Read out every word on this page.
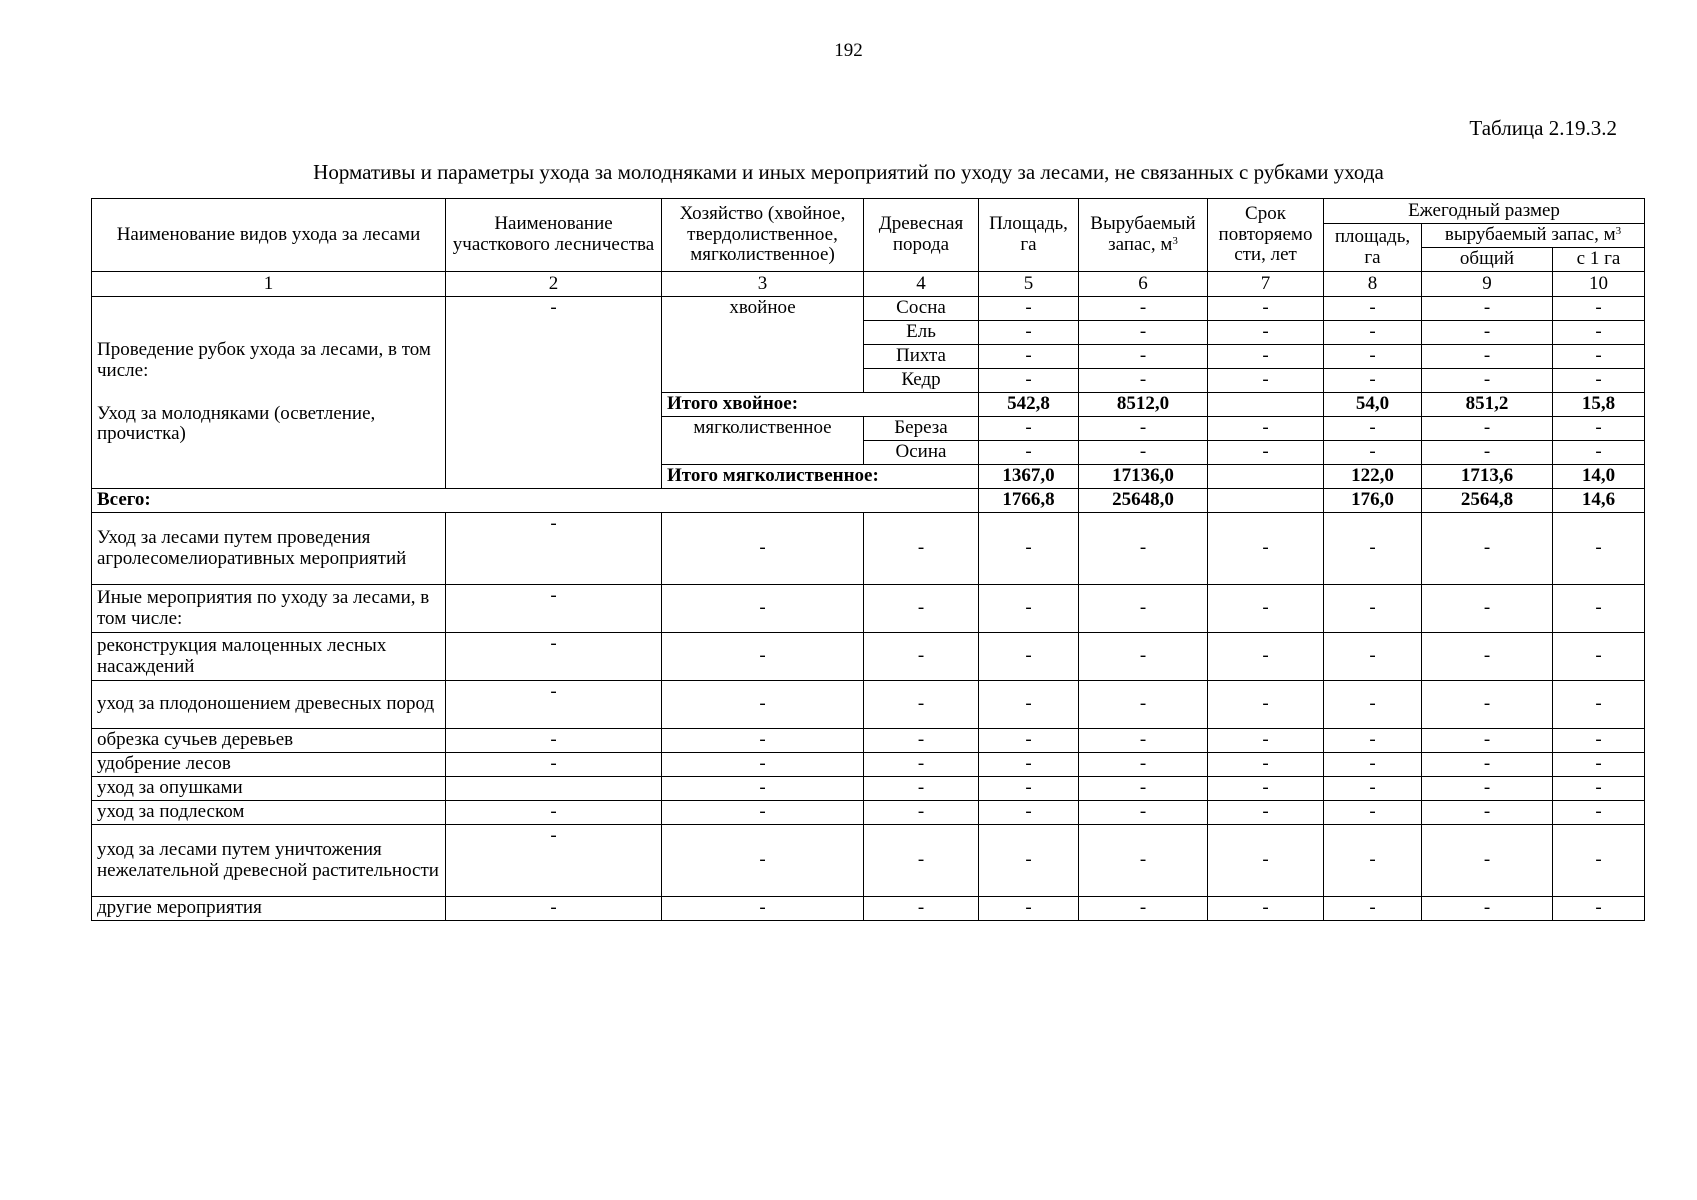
192
Таблица 2.19.3.2
Нормативы и параметры ухода за молодняками и иных мероприятий по уходу за лесами, не связанных с рубками ухода
Наименование видов ухода за лесами	Наименование участкового лесничества	Хозяйство (хвойное, твердолиственное, мягколиственное)	Древесная порода	Площадь, га	Вырубаемый запас, $м^3$	Срок повторяемо сти, лет	Ежегодный размер		
							площадь, га	вырубаемый запас, $м^3$
								общий	с 1 га
1	2	3	4	5	6	7	8	9	10

Проведение рубок ухода за лесами, в том числе:
Уход за молодняками (осветление, прочистка)	-	хвойное	Сосна	-	-	-	-	-	-
			Ель	-	-	-	-	-	-
			Пихта	-	-	-	-	-	-
			Кедр	-	-	-	-	-	-
		Итого хвойное:		542,8	8512,0		54,0	851,2	15,8
		мягколиственное	Береза	-	-	-	-	-	-
			Осина	-	-	-	-	-	-
		Итого мягколиственное:		1367,0	17136,0		122,0	1713,6	14,0
Всего:				1766,8	25648,0		176,0	2564,8	14,6
Уход за лесами путем проведения агролесомелиоративных мероприятий	-	-	-	-	-	-	-	-	-
Иные мероприятия по уходу за лесами, в том числе:	-	-	-	-	-	-	-	-	-
реконструкция малоценных лесных насаждений	-	-	-	-	-	-	-	-	-
уход за плодоношением древесных пород	-	-	-	-	-	-	-	-	-
обрезка сучьев деревьев	-	-	-	-	-	-	-	-	-
удобрение лесов	-	-	-	-	-	-	-	-	-
уход за опушками		-	-	-	-	-	-	-	-
уход за подлеском	-	-	-	-	-	-	-	-	-
уход за лесами путем уничтожения нежелательной древесной растительности	-	-	-	-	-	-	-	-	-
другие мероприятия	-	-	-	-	-	-	-	-	-
